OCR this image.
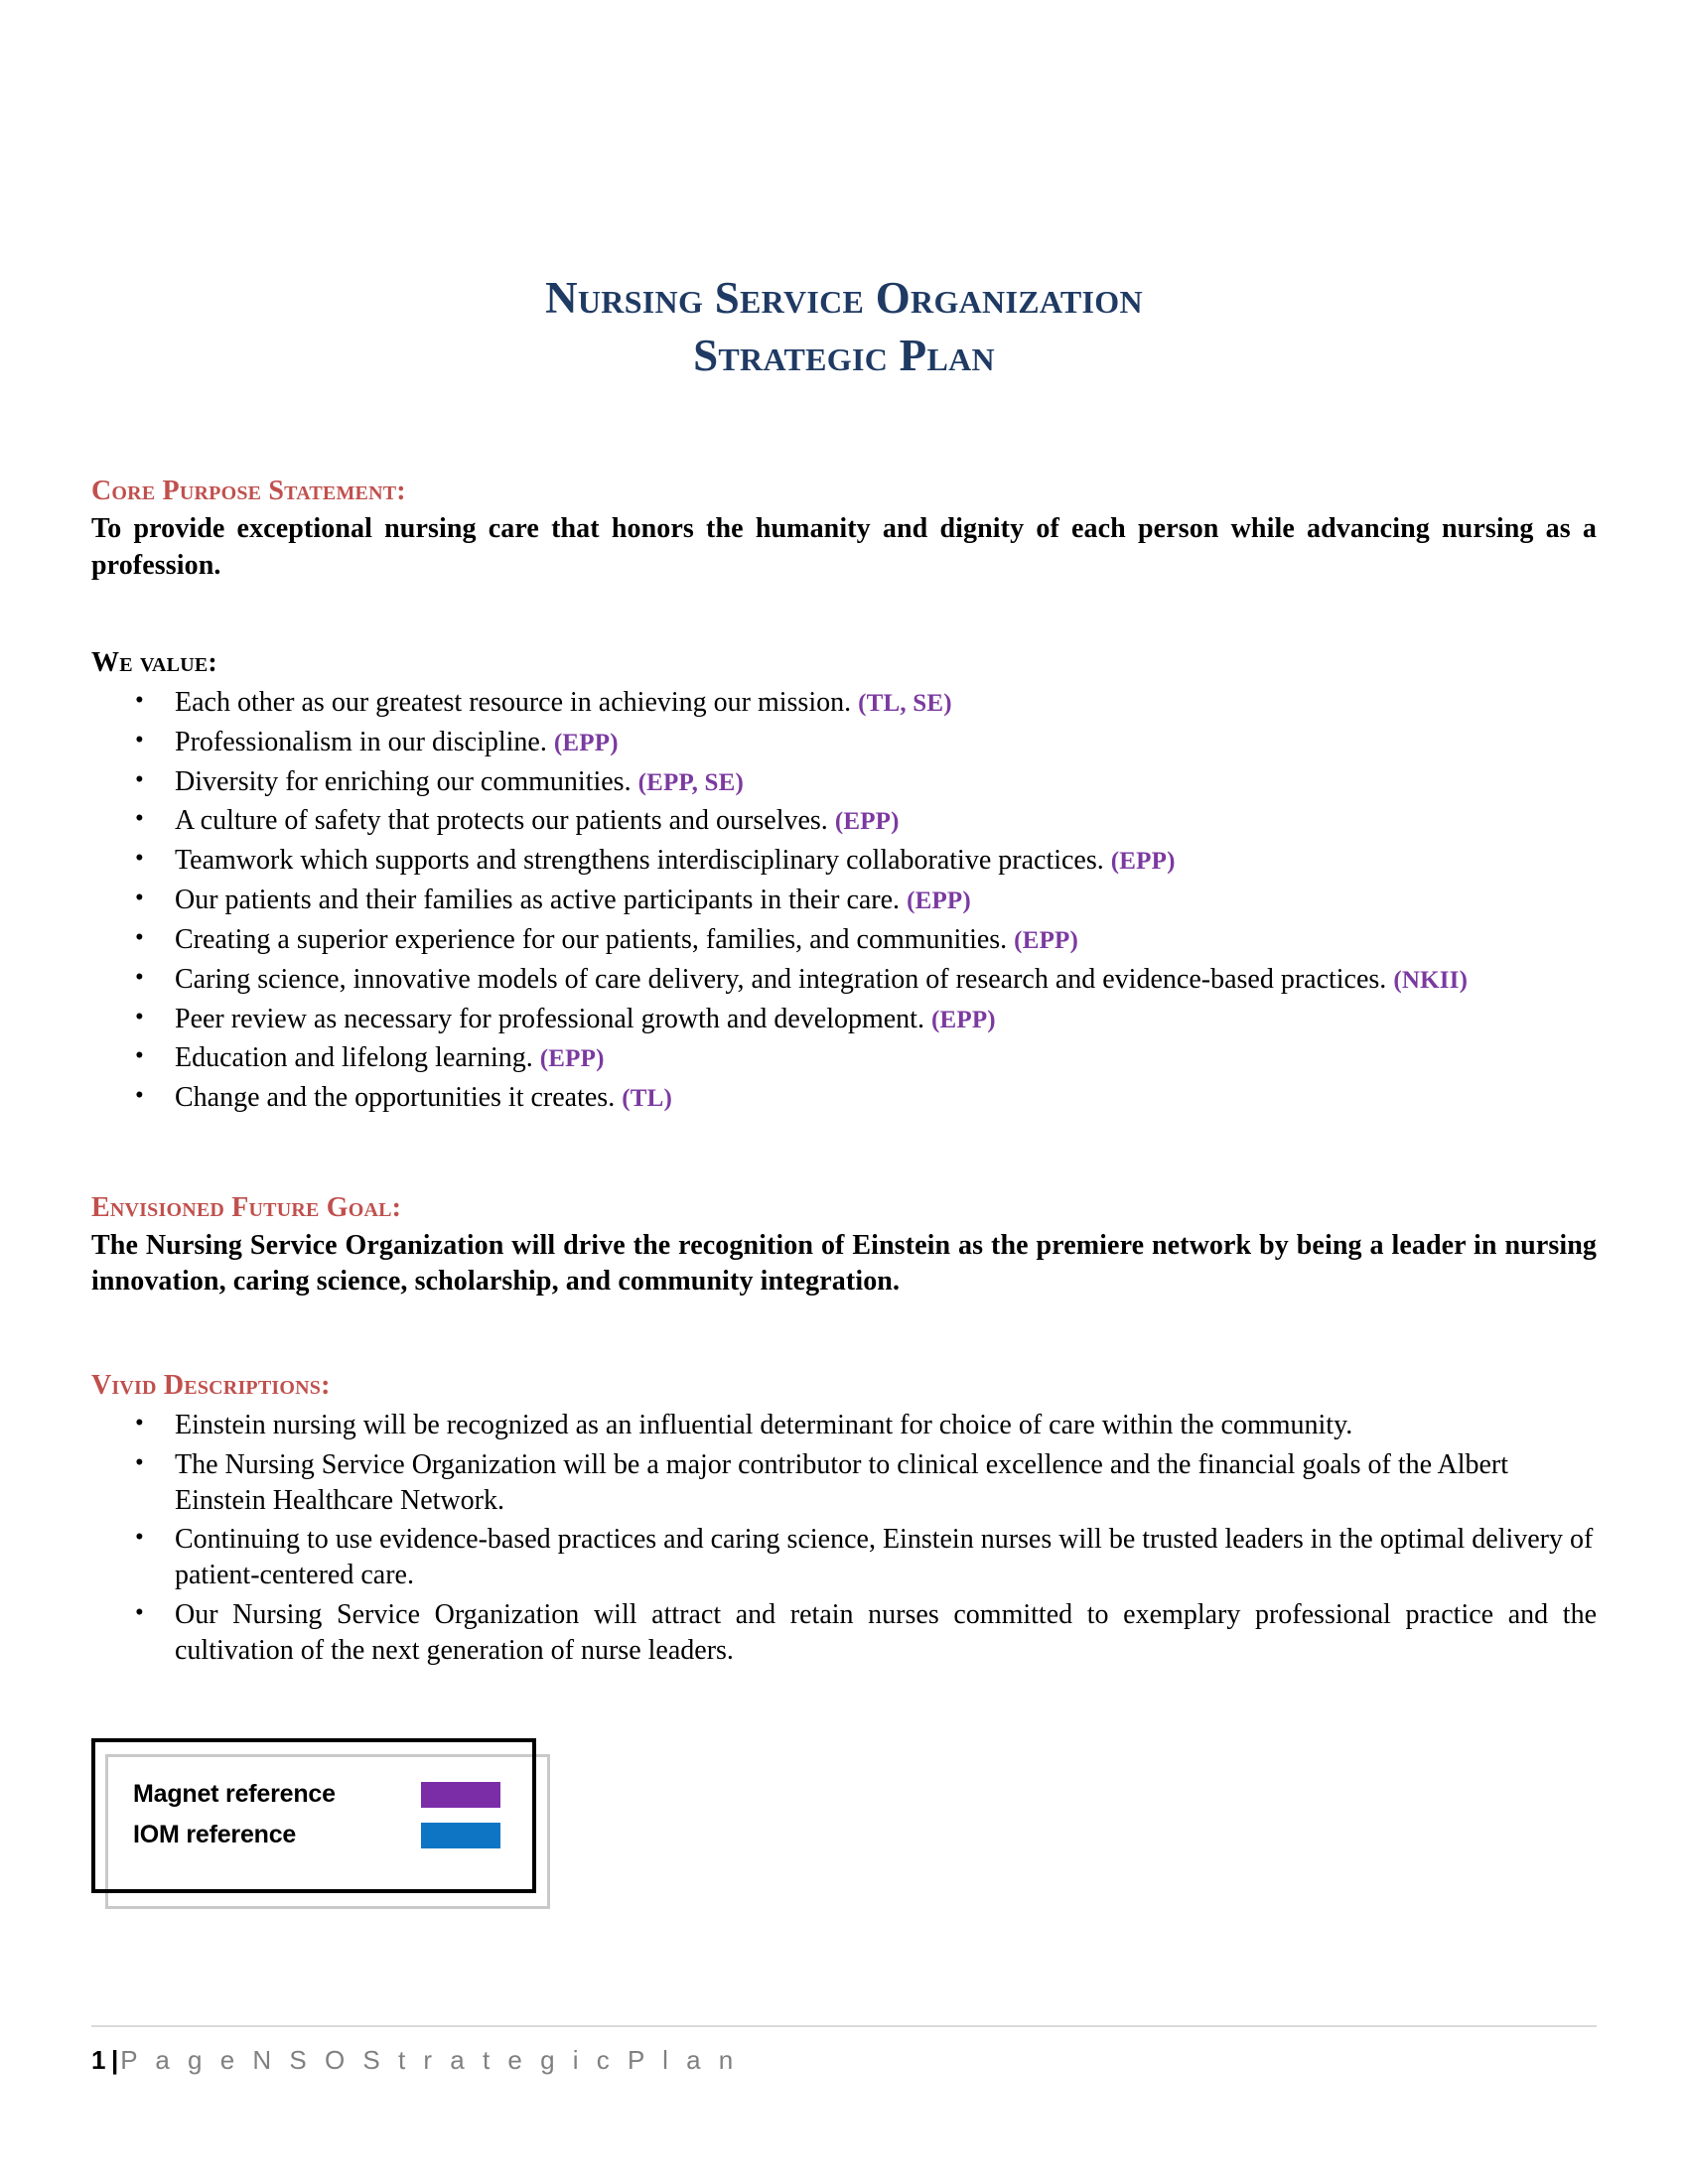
Nursing Service Organization
Strategic Plan
Core Purpose Statement:

To provide exceptional nursing care that honors the humanity and dignity of each person while advancing nursing as a profession.

We value:
• Each other as our greatest resource in achieving our mission. (TL, SE)
• Professionalism in our discipline. (EPP)
• Diversity for enriching our communities. (EPP, SE)
• A culture of safety that protects our patients and ourselves. (EPP)
• Teamwork which supports and strengthens interdisciplinary collaborative practices. (EPP)
• Our patients and their families as active participants in their care. (EPP)
• Creating a superior experience for our patients, families, and communities. (EPP)
• Caring science, innovative models of care delivery, and integration of research and evidence-based practices. (NKII)
• Peer review as necessary for professional growth and development. (EPP)
• Education and lifelong learning. (EPP)
• Change and the opportunities it creates. (TL)
Envisioned Future Goal:

The Nursing Service Organization will drive the recognition of Einstein as the premiere network by being a leader in nursing innovation, caring science, scholarship, and community integration.

Vivid Descriptions:
• Einstein nursing will be recognized as an influential determinant for choice of care within the community.
• The Nursing Service Organization will be a major contributor to clinical excellence and the financial goals of the Albert Einstein Healthcare Network.
• Continuing to use evidence-based practices and caring science, Einstein nurses will be trusted leaders in the optimal delivery of patient-centered care.
• Our Nursing Service Organization will attract and retain nurses committed to exemplary professional practice and the cultivation of the next generation of nurse leaders.
Magnet reference
IOM reference
1|P a g e N S O S t r a t e g i c P l a n
